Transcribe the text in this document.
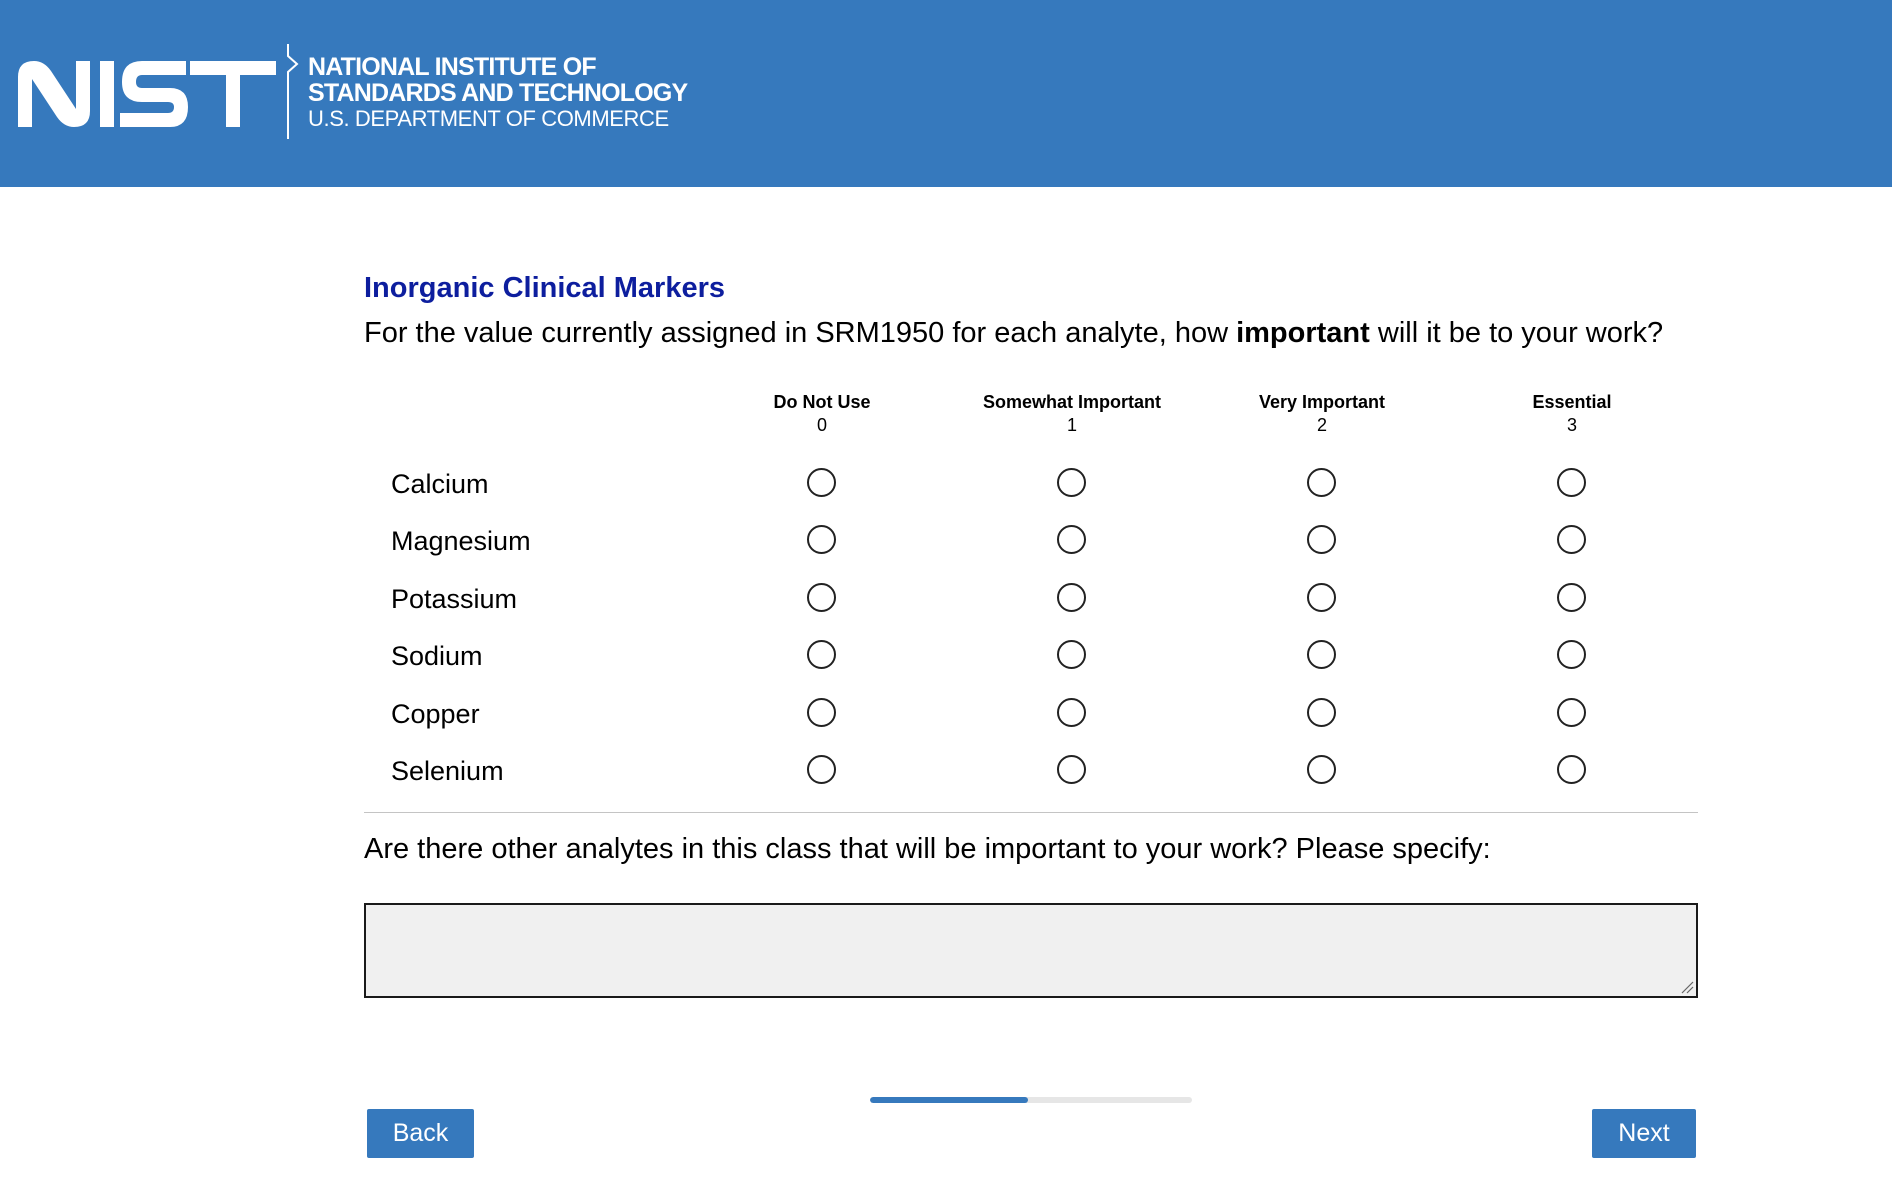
NATIONAL INSTITUTE OF
STANDARDS AND TECHNOLOGY
U.S. DEPARTMENT OF COMMERCE
Inorganic Clinical Markers

For the value currently assigned in SRM1950 for each analyte, how important will it be to your work?

Do Not Use
0
Somewhat Important
1
Very Important
2
Essential
3
Calcium
Magnesium
Potassium
Sodium
Copper
Selenium

Are there other analytes in this class that will be important to your work? Please specify:

Back	Next
